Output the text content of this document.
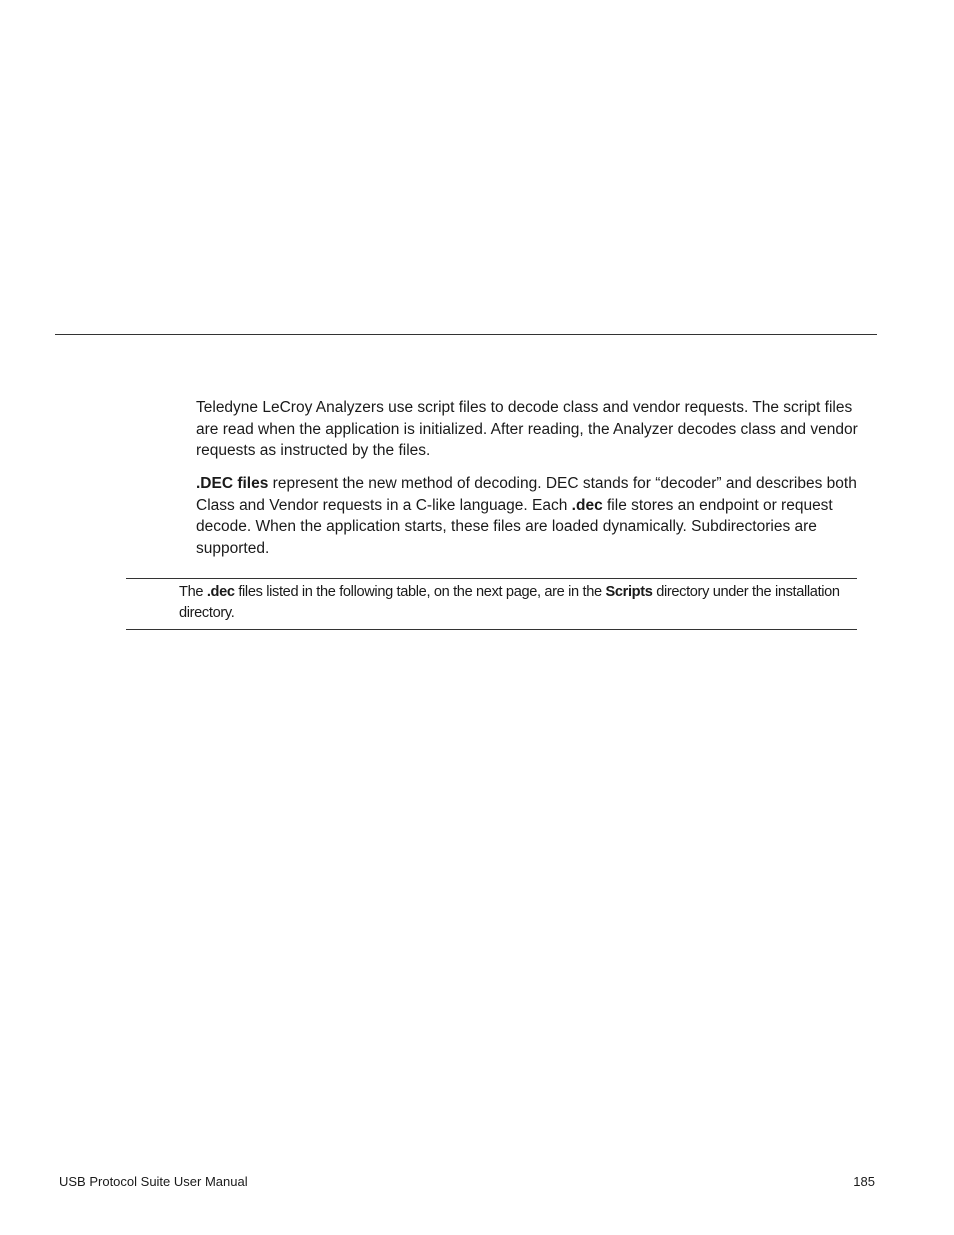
Teledyne LeCroy Analyzers use script files to decode class and vendor requests. The script files are read when the application is initialized. After reading, the Analyzer decodes class and vendor requests as instructed by the files.

.DEC files represent the new method of decoding. DEC stands for “decoder” and describes both Class and Vendor requests in a C-like language. Each .dec file stores an endpoint or request decode. When the application starts, these files are loaded dynamically. Subdirectories are supported.

The .dec files listed in the following table, on the next page, are in the Scripts directory under the installation directory.

USB Protocol Suite User Manual	185
